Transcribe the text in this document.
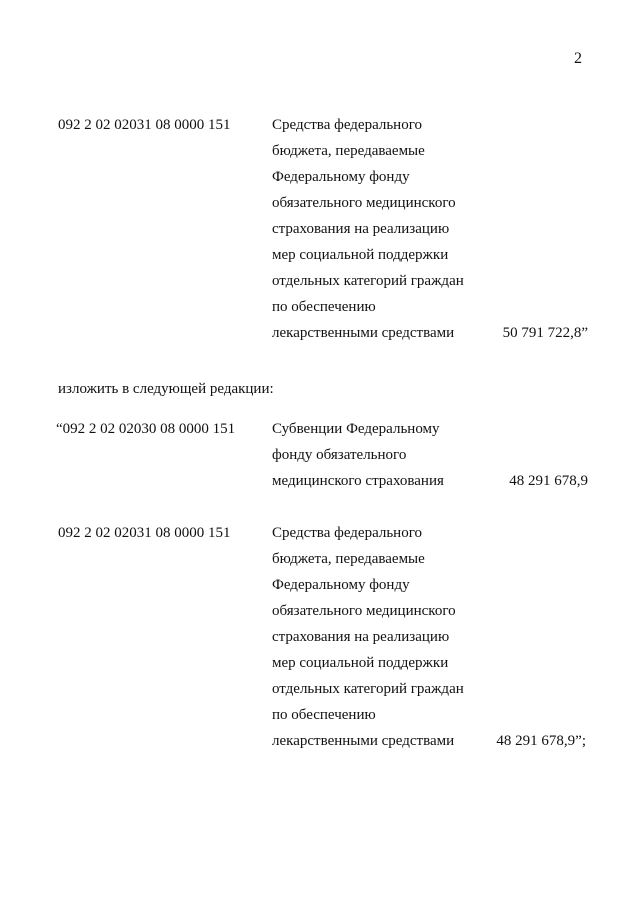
2
092 2 02 02031 08 0000 151	Средства федерального
бюджета, передаваемые
Федеральному фонду
обязательного медицинского
страхования на реализацию
мер социальной поддержки
отдельных категорий граждан
по обеспечению
лекарственными средствами	50 791 722,8”
изложить в следующей редакции:
“092 2 02 02030 08 0000 151 Субвенции Федеральному
фонду обязательного
медицинского страхования	48 291 678,9
092 2 02 02031 08 0000 151	Средства федерального
бюджета, передаваемые
Федеральному фонду
обязательного медицинского
страхования на реализацию
мер социальной поддержки
отдельных категорий граждан
по обеспечению
лекарственными средствами	48 291 678,9”;
